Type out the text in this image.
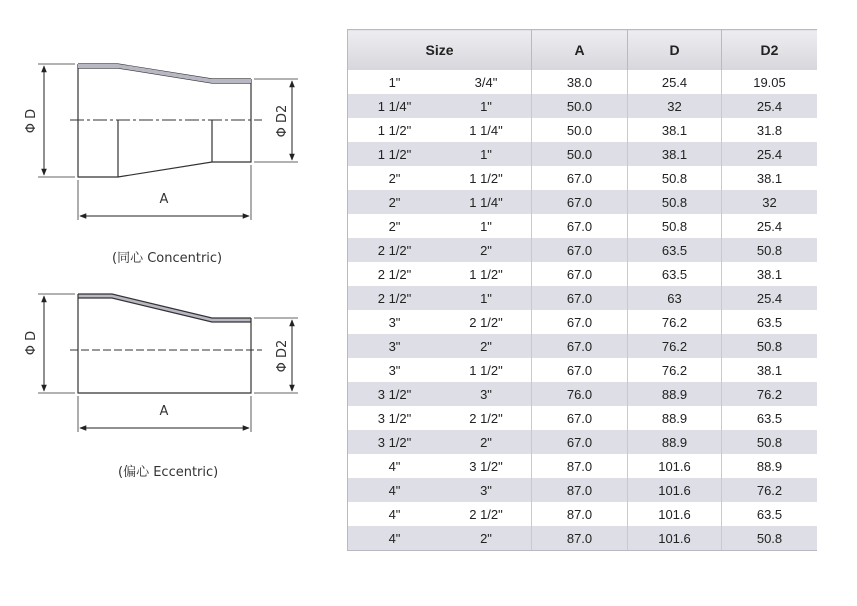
Φ D	Φ D2
A
(同心 Concentric)
Φ D	Φ D2
A
(偏心 Eccentric)
Size		A	D	D2
1"	3/4"	38.0	25.4	19.05
1 1/4"	1"	50.0	32	25.4
1 1/2"	1 1/4"	50.0	38.1	31.8
1 1/2"	1"	50.0	38.1	25.4
2"	1 1/2"	67.0	50.8	38.1
2"	1 1/4"	67.0	50.8	32
2"	1"	67.0	50.8	25.4
2 1/2"	2"	67.0	63.5	50.8
2 1/2"	1 1/2"	67.0	63.5	38.1
2 1/2"	1"	67.0	63	25.4
3"	2 1/2"	67.0	76.2	63.5
3"	2"	67.0	76.2	50.8
3"	1 1/2"	67.0	76.2	38.1
3 1/2"	3"	76.0	88.9	76.2
3 1/2"	2 1/2"	67.0	88.9	63.5
3 1/2"	2"	67.0	88.9	50.8
4"	3 1/2"	87.0	101.6	88.9
4"	3"	87.0	101.6	76.2
4"	2 1/2"	87.0	101.6	63.5
4"	2"	87.0	101.6	50.8
